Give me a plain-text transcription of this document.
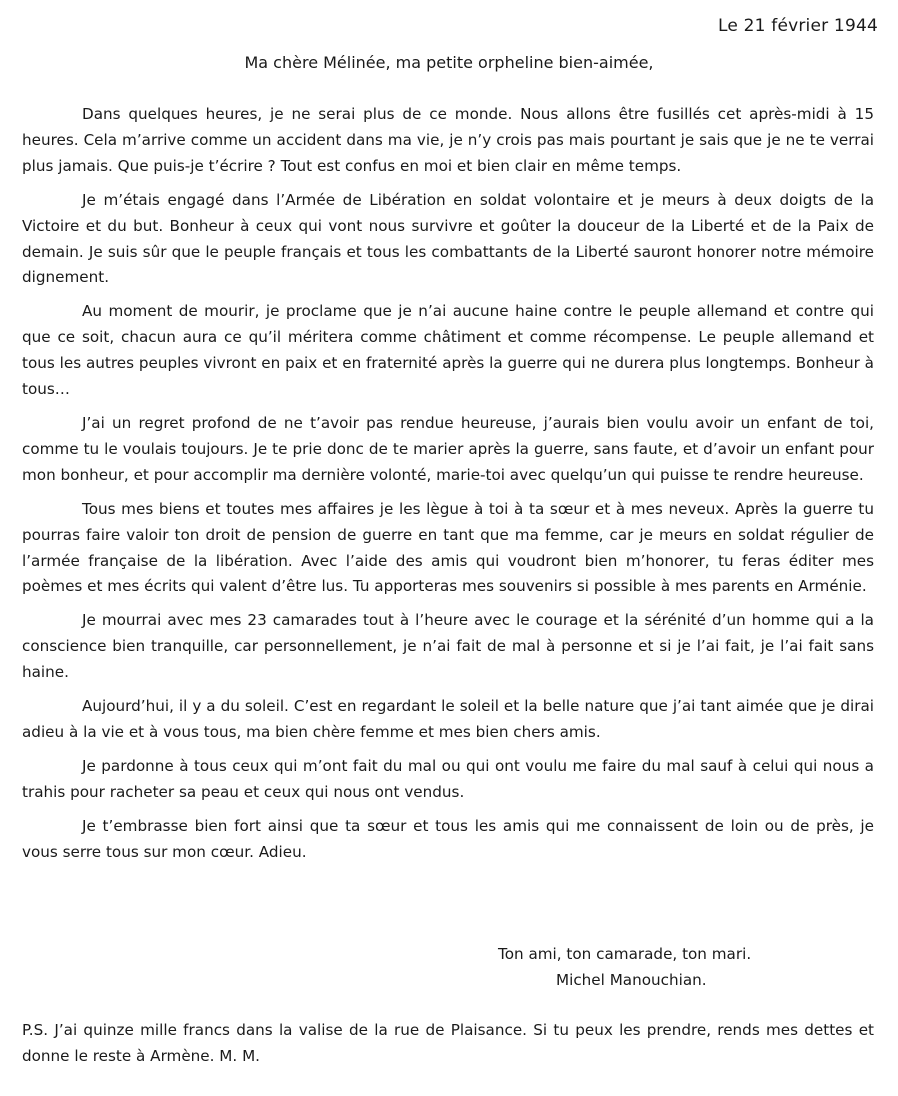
Le 21 février 1944
Ma chère Mélinée, ma petite orpheline bien-aimée,

Dans quelques heures, je ne serai plus de ce monde. Nous allons être fusillés cet après-midi à 15 heures. Cela m’arrive comme un accident dans ma vie, je n’y crois pas mais pourtant je sais que je ne te verrai plus jamais. Que puis-je t’écrire ? Tout est confus en moi et bien clair en même temps.

Je m’étais engagé dans l’Armée de Libération en soldat volontaire et je meurs à deux doigts de la Victoire et du but. Bonheur à ceux qui vont nous survivre et goûter la douceur de la Liberté et de la Paix de demain. Je suis sûr que le peuple français et tous les combattants de la Liberté sauront honorer notre mémoire dignement.

Au moment de mourir, je proclame que je n’ai aucune haine contre le peuple allemand et contre qui que ce soit, chacun aura ce qu’il méritera comme châtiment et comme récompense. Le peuple allemand et tous les autres peuples vivront en paix et en fraternité après la guerre qui ne durera plus longtemps. Bonheur à tous…

J’ai un regret profond de ne t’avoir pas rendue heureuse, j’aurais bien voulu avoir un enfant de toi, comme tu le voulais toujours. Je te prie donc de te marier après la guerre, sans faute, et d’avoir un enfant pour mon bonheur, et pour accomplir ma dernière volonté, marie-toi avec quelqu’un qui puisse te rendre heureuse.

Tous mes biens et toutes mes affaires je les lègue à toi à ta sœur et à mes neveux. Après la guerre tu pourras faire valoir ton droit de pension de guerre en tant que ma femme, car je meurs en soldat régulier de l’armée française de la libération. Avec l’aide des amis qui voudront bien m’honorer, tu feras éditer mes poèmes et mes écrits qui valent d’être lus. Tu apporteras mes souvenirs si possible à mes parents en Arménie.

Je mourrai avec mes 23 camarades tout à l’heure avec le courage et la sérénité d’un homme qui a la conscience bien tranquille, car personnellement, je n’ai fait de mal à personne et si je l’ai fait, je l’ai fait sans haine.

Aujourd’hui, il y a du soleil. C’est en regardant le soleil et la belle nature que j’ai tant aimée que je dirai adieu à la vie et à vous tous, ma bien chère femme et mes bien chers amis.

Je pardonne à tous ceux qui m’ont fait du mal ou qui ont voulu me faire du mal sauf à celui qui nous a trahis pour racheter sa peau et ceux qui nous ont vendus.

Je t’embrasse bien fort ainsi que ta sœur et tous les amis qui me connaissent de loin ou de près, je vous serre tous sur mon cœur. Adieu.

Ton ami, ton camarade, ton mari.
Michel Manouchian.
P.S. J’ai quinze mille francs dans la valise de la rue de Plaisance. Si tu peux les prendre, rends mes dettes et donne le reste à Armène. M. M.
